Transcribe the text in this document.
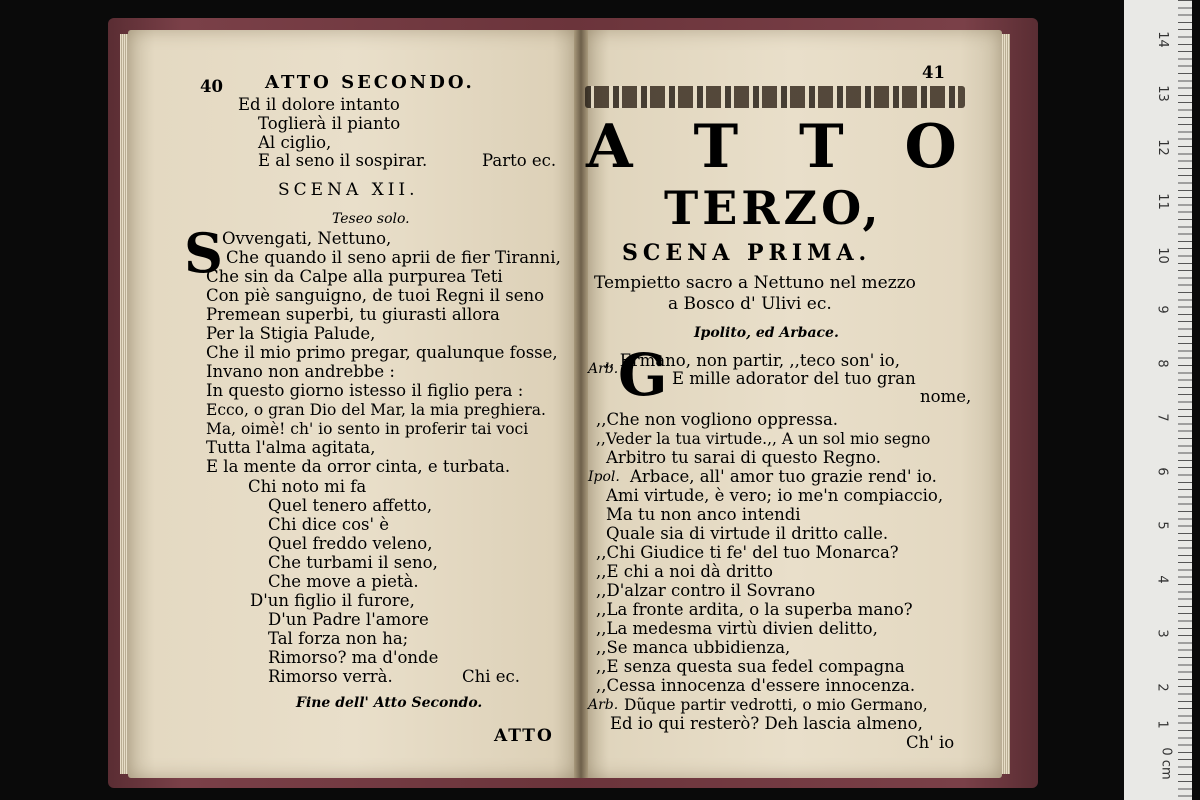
40 ATTO SECONDO.
Ed il dolore intanto
Toglierà il pianto
Al ciglio,
E al seno il sospirar.	Parto ec.
SCENA XII.
Teseo solo.
S Ovvengati, Nettuno,
Che quando il seno aprii de fier Tiranni,
Che sin da Calpe alla purpurea Teti
Con piè sanguigno, de tuoi Regni il seno
Premean superbi, tu giurasti allora
Per la Stigia Palude,
Che il mio primo pregar, qualunque fosse,
Invano non andrebbe :
In questo giorno istesso il figlio pera :
Ecco, o gran Dio del Mar, la mia preghiera.
Ma, oimè! ch' io sento in proferir tai voci
Tutta l'alma agitata,
E la mente da orror cinta, e turbata.
Chi noto mi fa
Quel tenero affetto,
Chi dice cos' è
Quel freddo veleno,
Che turbami il seno,
Che move a pietà.
D'un figlio il furore,
D'un Padre l'amore
Tal forza non ha;
Rimorso? ma d'onde
Rimorso verrà.	Chi ec.
Fine dell' Atto Secondo.
ATTO
41
A T T O
TERZO,
SCENA PRIMA.
Tempietto sacro a Nettuno nel mezzo
a Bosco d' Ulivi ec.
Ipolito, ed Arbace.
Arb. G
,, Ermano, non partir, ,,teco son' io,
E mille adorator del tuo gran
nome,
,,Che non vogliono oppressa.
,,Veder la tua virtude.,, A un sol mio segno
Arbitro tu sarai di questo Regno.
Ipol. Arbace, all' amor tuo grazie rend' io.
Ami virtude, è vero; io me'n compiaccio,
Ma tu non anco intendi
Quale sia di virtude il dritto calle.
,,Chi Giudice ti fe' del tuo Monarca?
,,E chi a noi dà dritto
,,D'alzar contro il Sovrano
,,La fronte ardita, o la superba mano?
,,La medesma virtù divien delitto,
,,Se manca ubbidienza,
,,E senza questa sua fedel compagna
,,Cessa innocenza d'essere innocenza.
Arb. Dũque partir vedrotti, o mio Germano,
Ed io qui resterò? Deh lascia almeno,
Ch' io
0 cm
1
2
3
4
5
6
7
8
9
10
11
12
13
14
